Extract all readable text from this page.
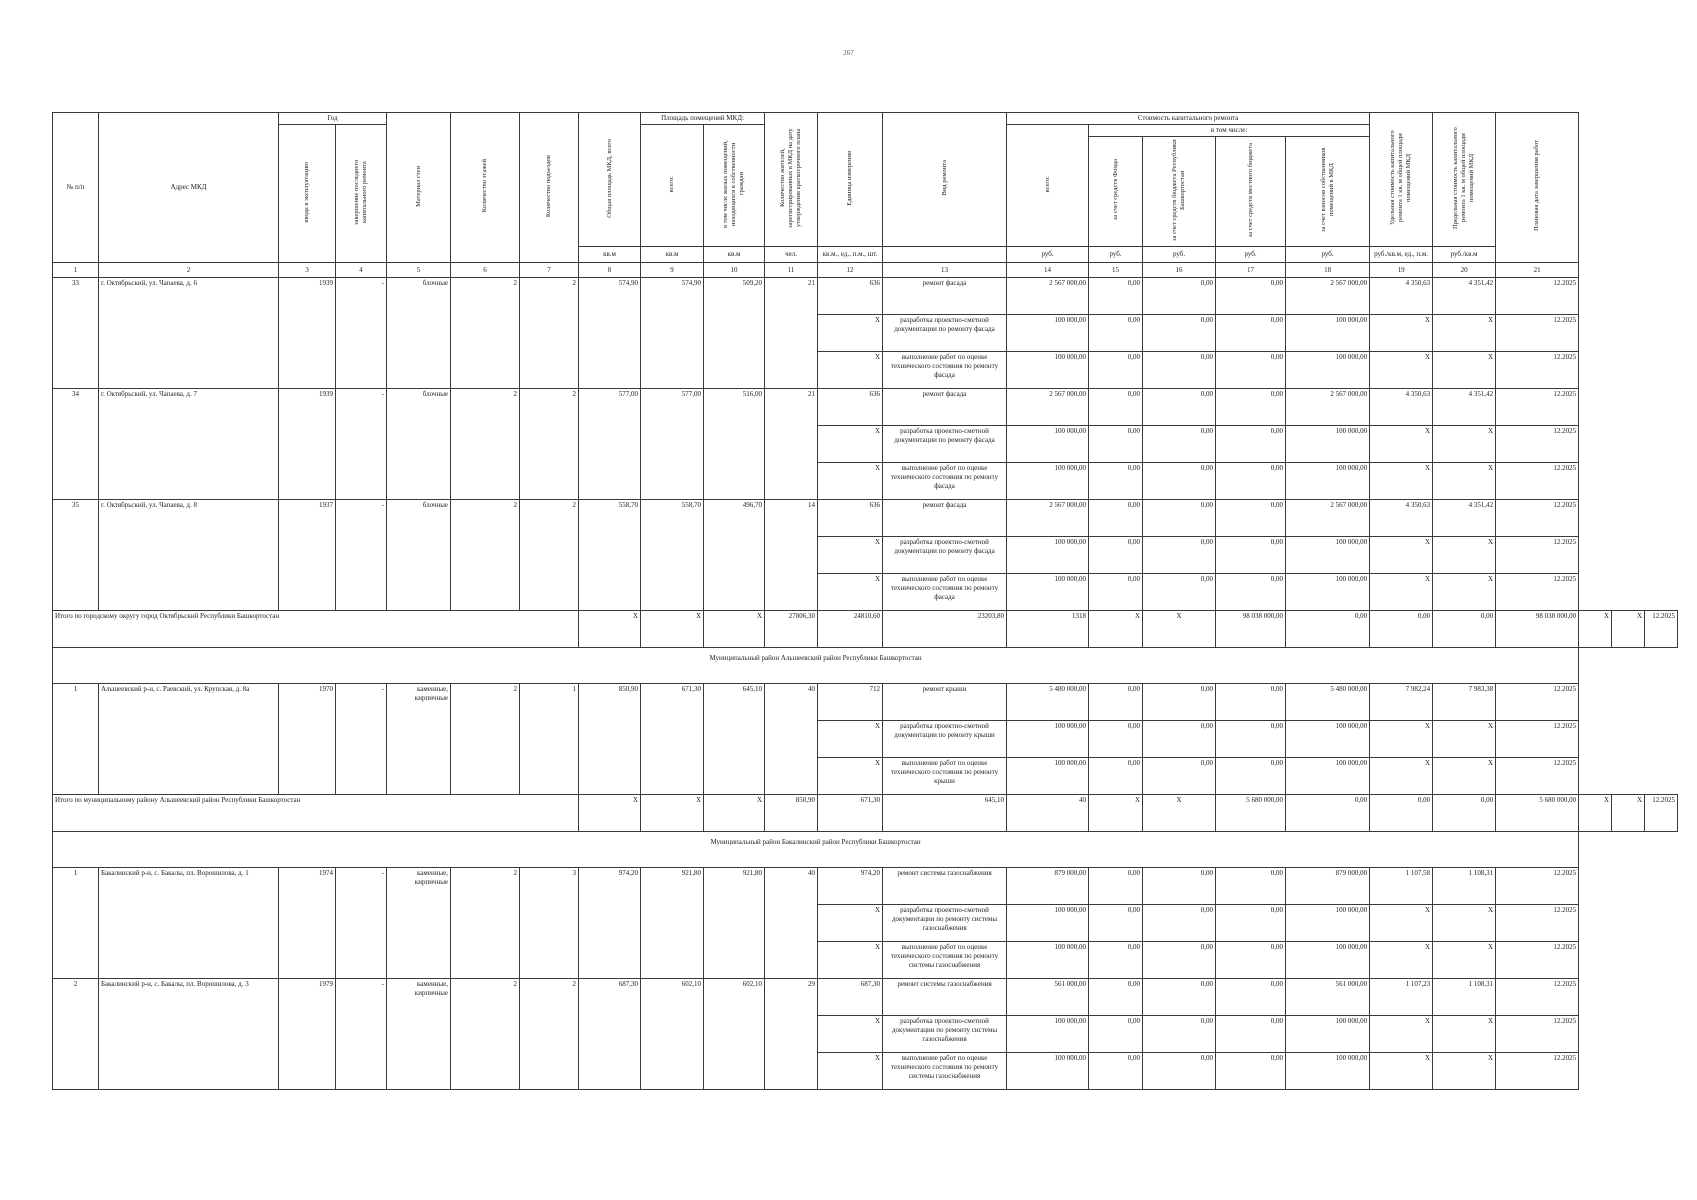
267
№ п/п	Адрес МКД	Год		Материал стен	Количество этажей	Количество подъездов	Общая площадь МКД, всего	Площадь помещений МКД:		Количество жителей, зарегистрированных в МКД на дату утверждения краткосрочного плана	Единица измерения	Вид ремонта	Стоимость капитального ремонта					Удельная стоимость капитального ремонта 1 кв. м общей площади помещений МКД	Предельная стоимость капитального ремонта 1 кв. м общей площади помещений МКД	Плановая дата завершения работ			
		ввода в эксплуатацию	завершение последнего капитального ремонта					всего:	в том числе жилых помещений, находящихся в собственности граждан				всего:	в том числе:									
														за счет средств Фонда	за счет средств бюджета Республики Башкортостан	за счет средств местного бюджета	за счет взносов собственников помещений в МКД						
							кв.м	кв.м	кв.м	чел.	кв.м., ед., п.м., шт.		руб.	руб.	руб.	руб.	руб.	руб./кв.м, ед., п.м.	руб./кв.м				
1	2	3	4	5	6	7	8	9	10	11	12	13	14	15	16	17	18	19	20	21			
33	г. Октябрьский, ул. Чапаева, д. 6	1939	-	блочные	2	2	574,90	574,90	509,20	21	636	ремонт фасада	2 567 000,00	0,00	0,00	0,00	2 567 000,00	4 350,63	4 351,42	12.2025			
											X	разработка проектно-сметной документации по ремонту фасада	100 000,00	0,00	0,00	0,00	100 000,00	X	X	12.2025			
											X	выполнение работ по оценке технического состояния по ремонту фасада	100 000,00	0,00	0,00	0,00	100 000,00	X	X	12.2025			
34	г. Октябрьский, ул. Чапаева, д. 7	1939	-	блочные	2	2	577,00	577,00	516,00	21	636	ремонт фасада	2 567 000,00	0,00	0,00	0,00	2 567 000,00	4 350,63	4 351,42	12.2025			
											X	разработка проектно-сметной документации по ремонту фасада	100 000,00	0,00	0,00	0,00	100 000,00	X	X	12.2025			
											X	выполнение работ по оценке технического состояния по ремонту фасада	100 000,00	0,00	0,00	0,00	100 000,00	X	X	12.2025			
35	г. Октябрьский, ул. Чапаева, д. 8	1937	-	блочные	2	2	558,70	558,70	496,70	14	636	ремонт фасада	2 567 000,00	0,00	0,00	0,00	2 567 000,00	4 350,63	4 351,42	12.2025			
											X	разработка проектно-сметной документации по ремонту фасада	100 000,00	0,00	0,00	0,00	100 000,00	X	X	12.2025			
											X	выполнение работ по оценке технического состояния по ремонту фасада	100 000,00	0,00	0,00	0,00	100 000,00	X	X	12.2025			
Итого по городскому округу город Октябрьский Республики Башкортостан							X	X	X	27806,30	24810,60	23203,80	1318	X	X	98 038 000,00	0,00	0,00	0,00	98 038 000,00	X	X	12.2025
Муниципальный район Альшеевский район Республики Башкортостан																							
1	Альшеевский р-н, с. Раевский, ул. Крупская, д. 8а	1970	-	каменные, кирпичные	2	1	850,90	671,30	645,10	40	712	ремонт крыши	5 480 000,00	0,00	0,00	0,00	5 480 000,00	7 982,24	7 983,38	12.2025			
											X	разработка проектно-сметной документации по ремонту крыши	100 000,00	0,00	0,00	0,00	100 000,00	X	X	12.2025			
											X	выполнение работ по оценке технического состояния по ремонту крыши	100 000,00	0,00	0,00	0,00	100 000,00	X	X	12.2025			
Итого по муниципальному району Альшеевский район Республики Башкортостан							X	X	X	850,90	671,30	645,10	40	X	X	5 680 000,00	0,00	0,00	0,00	5 680 000,00	X	X	12.2025
Муниципальный район Бакалинский район Республики Башкортостан																							
1	Бакалинский р-н, с. Бакалы, пл. Ворошилова, д. 1	1974	-	каменные, кирпичные	2	3	974,20	921,80	921,80	40	974,20	ремонт системы газоснабжения	879 000,00	0,00	0,00	0,00	879 000,00	1 107,58	1 108,31	12.2025			
											X	разработка проектно-сметной документации по ремонту системы газоснабжения	100 000,00	0,00	0,00	0,00	100 000,00	X	X	12.2025			
											X	выполнение работ по оценке технического состояния по ремонту системы газоснабжения	100 000,00	0,00	0,00	0,00	100 000,00	X	X	12.2025			
2	Бакалинский р-н, с. Бакалы, пл. Ворошилова, д. 3	1979	-	каменные, кирпичные	2	2	687,30	602,10	602,10	29	687,30	ремонт системы газоснабжения	561 000,00	0,00	0,00	0,00	561 000,00	1 107,23	1 108,31	12.2025			
											X	разработка проектно-сметной документации по ремонту системы газоснабжения	100 000,00	0,00	0,00	0,00	100 000,00	X	X	12.2025			
											X	выполнение работ по оценке технического состояния по ремонту системы газоснабжения	100 000,00	0,00	0,00	0,00	100 000,00	X	X	12.2025			
